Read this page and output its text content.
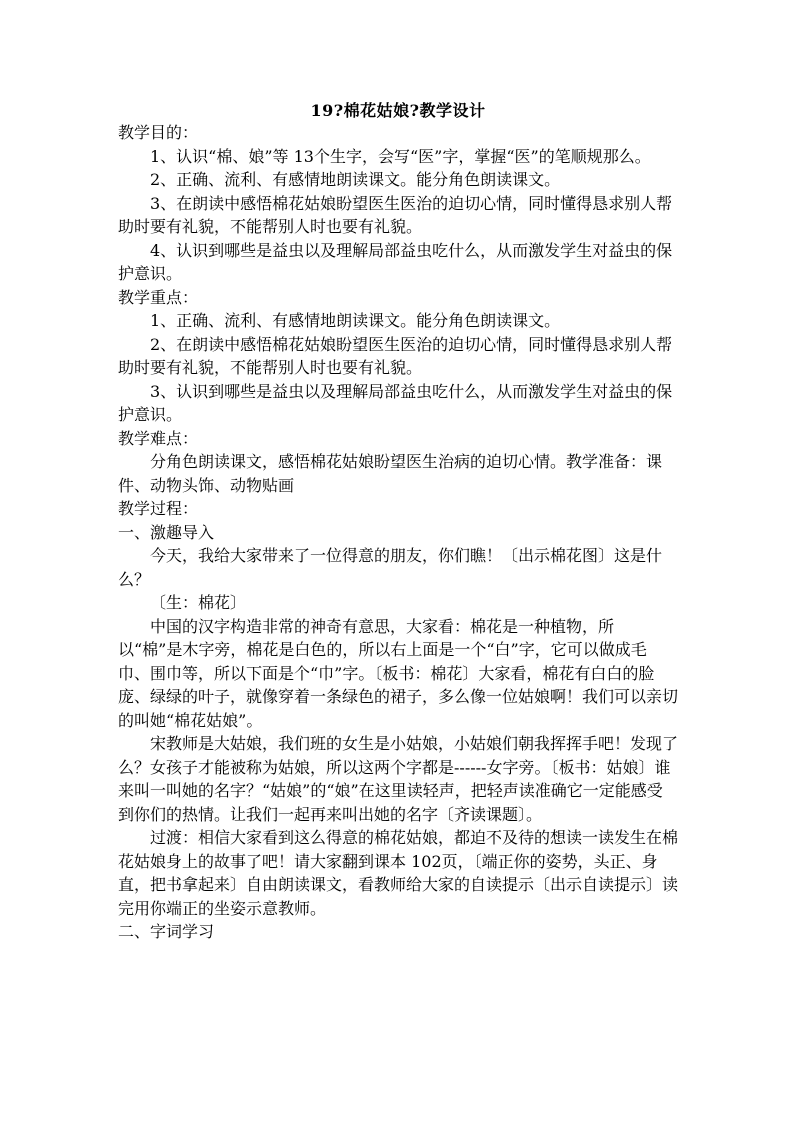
19?棉花姑娘?教学设计

教学目的：

1、认识“棉、娘”等 13个生字，会写“医”字，掌握“医”的笔顺规那么。

2、正确、流利、有感情地朗读课文。能分角色朗读课文。

3、在朗读中感悟棉花姑娘盼望医生医治的迫切心情，同时懂得恳求别人帮助时要有礼貌，不能帮别人时也要有礼貌。

4、认识到哪些是益虫以及理解局部益虫吃什么，从而激发学生对益虫的保护意识。

教学重点：

1、正确、流利、有感情地朗读课文。能分角色朗读课文。

2、在朗读中感悟棉花姑娘盼望医生医治的迫切心情，同时懂得恳求别人帮助时要有礼貌，不能帮别人时也要有礼貌。

3、认识到哪些是益虫以及理解局部益虫吃什么，从而激发学生对益虫的保护意识。

教学难点：

分角色朗读课文，感悟棉花姑娘盼望医生治病的迫切心情。教学准备：课件、动物头饰、动物贴画

教学过程：

一、激趣导入

今天，我给大家带来了一位得意的朋友，你们瞧！〔出示棉花图〕这是什么？

〔生：棉花〕

中国的汉字构造非常的神奇有意思，大家看：棉花是一种植物，所以“棉”是木字旁，棉花是白色的，所以右上面是一个“白”字，它可以做成毛巾、围巾等，所以下面是个“巾”字。〔板书：棉花〕大家看，棉花有白白的脸庞、绿绿的叶子，就像穿着一条绿色的裙子，多么像一位姑娘啊！我们可以亲切的叫她“棉花姑娘”。

宋教师是大姑娘，我们班的女生是小姑娘，小姑娘们朝我挥挥手吧！发现了么？女孩子才能被称为姑娘，所以这两个字都是------女字旁。〔板书：姑娘〕谁来叫一叫她的名字？“姑娘”的“娘”在这里读轻声，把轻声读准确它一定能感受到你们的热情。让我们一起再来叫出她的名字〔齐读课题〕。

过渡：相信大家看到这么得意的棉花姑娘，都迫不及待的想读一读发生在棉花姑娘身上的故事了吧！请大家翻到课本 102页，〔端正你的姿势，头正、身直，把书拿起来〕自由朗读课文，看教师给大家的自读提示〔出示自读提示〕读完用你端正的坐姿示意教师。

二、字词学习
